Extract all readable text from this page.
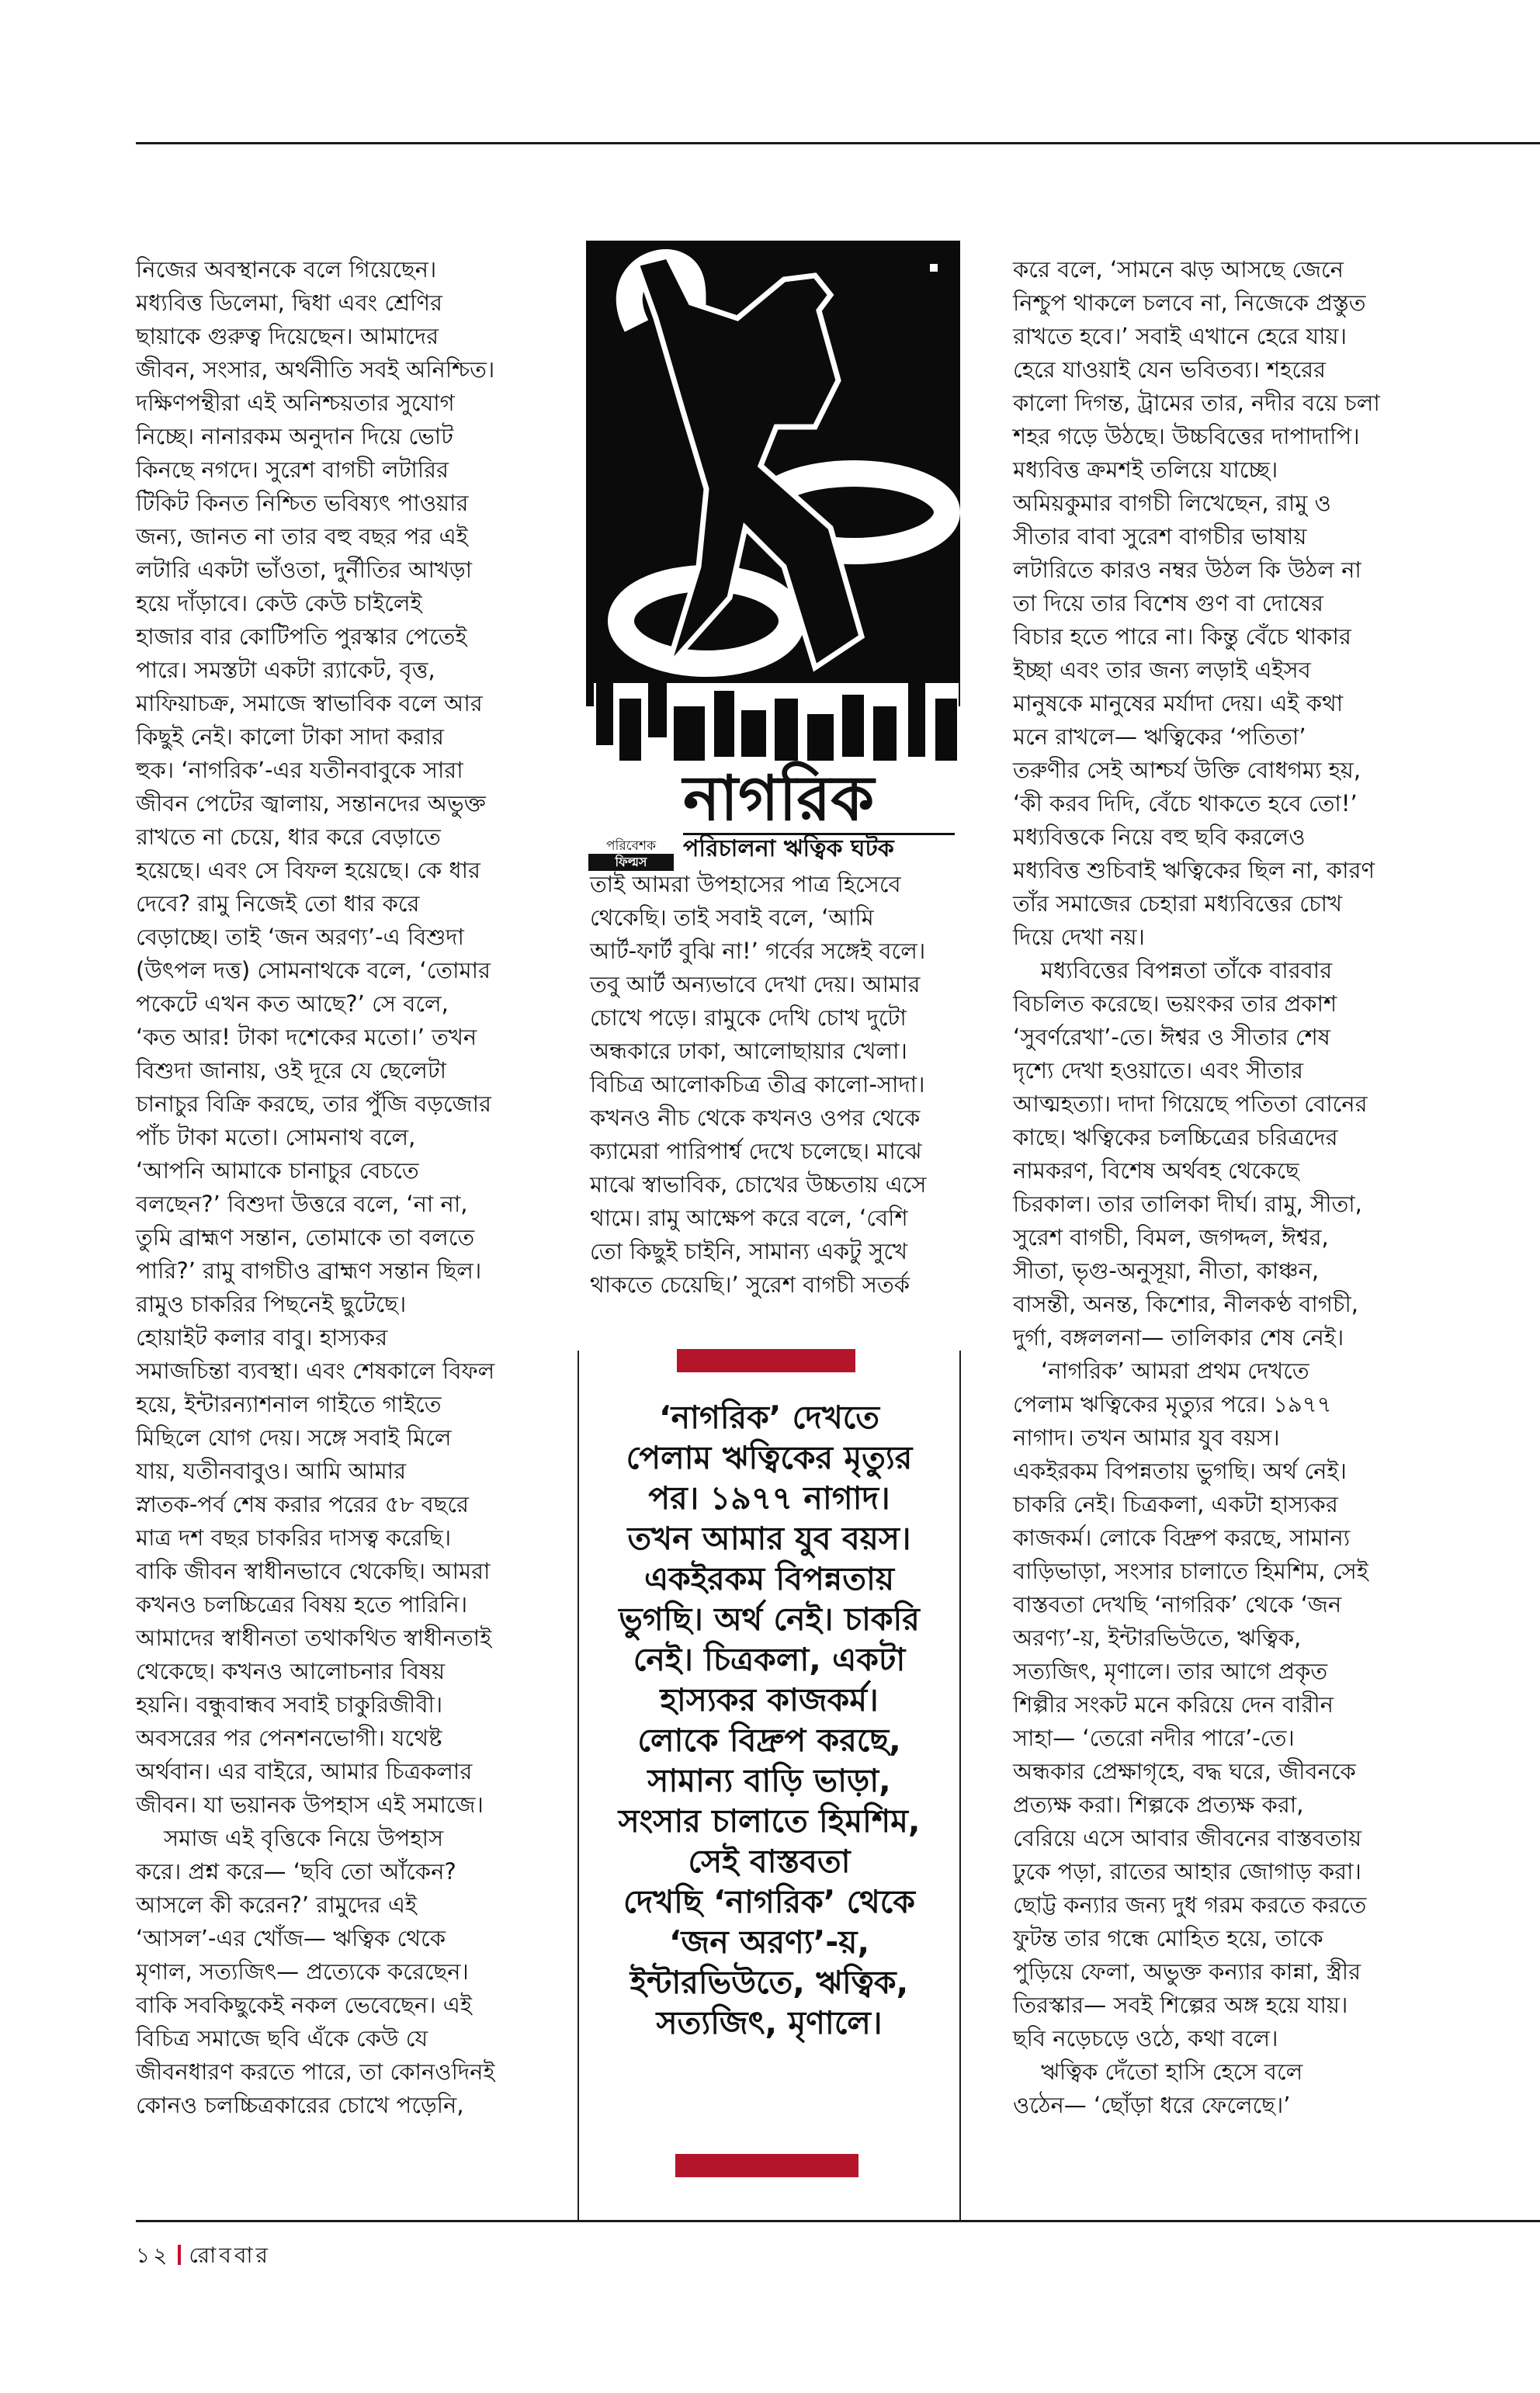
নিজের অবস্থানকে বলে গিয়েছেন।
মধ্যবিত্ত ডিলেমা, দ্বিধা এবং শ্রেণির
ছায়াকে গুরুত্ব দিয়েছেন। আমাদের
জীবন, সংসার, অর্থনীতি সবই অনিশ্চিত।
দক্ষিণপন্থীরা এই অনিশ্চয়তার সুযোগ
নিচ্ছে। নানারকম অনুদান দিয়ে ভোট
কিনছে নগদে। সুরেশ বাগচী লটারির
টিকিট কিনত নিশ্চিত ভবিষ্যৎ পাওয়ার
জন্য, জানত না তার বহু বছর পর এই
লটারি একটা ভাঁওতা, দুর্নীতির আখড়া
হয়ে দাঁড়াবে। কেউ কেউ চাইলেই
হাজার বার কোটিপতি পুরস্কার পেতেই
পারে। সমস্তটা একটা র‌্যাকেট, বৃত্ত,
মাফিয়াচক্র, সমাজে স্বাভাবিক বলে আর
কিছুই নেই। কালো টাকা সাদা করার
হুক। ‘নাগরিক’-এর যতীনবাবুকে সারা
জীবন পেটের জ্বালায়, সন্তানদের অভুক্ত
রাখতে না চেয়ে, ধার করে বেড়াতে
হয়েছে। এবং সে বিফল হয়েছে। কে ধার
দেবে? রামু নিজেই তো ধার করে
বেড়াচ্ছে। তাই ‘জন অরণ্য’-এ বিশুদা
(উৎপল দত্ত) সোমনাথকে বলে, ‘তোমার
পকেটে এখন কত আছে?’ সে বলে,
‘কত আর! টাকা দশেকের মতো।’ তখন
বিশুদা জানায়, ওই দূরে যে ছেলেটা
চানাচুর বিক্রি করছে, তার পুঁজি বড়জোর
পাঁচ টাকা মতো। সোমনাথ বলে,
‘আপনি আমাকে চানাচুর বেচতে
বলছেন?’ বিশুদা উত্তরে বলে, ‘না না,
তুমি ব্রাহ্মণ সন্তান, তোমাকে তা বলতে
পারি?’ রামু বাগচীও ব্রাহ্মণ সন্তান ছিল।
রামুও চাকরির পিছনেই ছুটেছে।
হোয়াইট কলার বাবু। হাস্যকর
সমাজচিন্তা ব্যবস্থা। এবং শেষকালে বিফল
হয়ে, ইন্টারন্যাশনাল গাইতে গাইতে
মিছিলে যোগ দেয়। সঙ্গে সবাই মিলে
যায়, যতীনবাবুও। আমি আমার
স্নাতক-পর্ব শেষ করার পরের ৫৮ বছরে
মাত্র দশ বছর চাকরির দাসত্ব করেছি।
বাকি জীবন স্বাধীনভাবে থেকেছি। আমরা
কখনও চলচ্চিত্রের বিষয় হতে পারিনি।
আমাদের স্বাধীনতা তথাকথিত স্বাধীনতাই
থেকেছে। কখনও আলোচনার বিষয়
হয়নি। বন্ধুবান্ধব সবাই চাকুরিজীবী।
অবসরের পর পেনশনভোগী। যথেষ্ট
অর্থবান। এর বাইরে, আমার চিত্রকলার
জীবন। যা ভয়ানক উপহাস এই সমাজে।
সমাজ এই বৃত্তিকে নিয়ে উপহাস
করে। প্রশ্ন করে— ‘ছবি তো আঁকেন?
আসলে কী করেন?’ রামুদের এই
‘আসল’-এর খোঁজ— ঋত্বিক থেকে
মৃণাল, সত্যজিৎ— প্রত্যেকে করেছেন।
বাকি সবকিছুকেই নকল ভেবেছেন। এই
বিচিত্র সমাজে ছবি এঁকে কেউ যে
জীবনধারণ করতে পারে, তা কোনওদিনই
কোনও চলচ্চিত্রকারের চোখে পড়েনি,
নাগরিক
পরিচালনা ঋত্বিক ঘটক
পরিবেশক
ফিল্মস
তাই আমরা উপহাসের পাত্র হিসেবে
থেকেছি। তাই সবাই বলে, ‘আমি
আর্ট-ফার্ট বুঝি না!’ গর্বের সঙ্গেই বলে।
তবু আর্ট অন্যভাবে দেখা দেয়। আমার
চোখে পড়ে। রামুকে দেখি চোখ দুটো
অন্ধকারে ঢাকা, আলোছায়ার খেলা।
বিচিত্র আলোকচিত্র তীব্র কালো-সাদা।
কখনও নীচ থেকে কখনও ওপর থেকে
ক্যামেরা পারিপার্শ্ব দেখে চলেছে। মাঝে
মাঝে স্বাভাবিক, চোখের উচ্চতায় এসে
থামে। রামু আক্ষেপ করে বলে, ‘বেশি
তো কিছুই চাইনি, সামান্য একটু সুখে
থাকতে চেয়েছি।’ সুরেশ বাগচী সতর্ক
‘নাগরিক’ দেখতে
পেলাম ঋত্বিকের মৃত্যুর
পর। ১৯৭৭ নাগাদ।
তখন আমার যুব বয়স।
একইরকম বিপন্নতায়
ভুগছি। অর্থ নেই। চাকরি
নেই। চিত্রকলা, একটা
হাস্যকর কাজকর্ম।
লোকে বিদ্রুপ করছে,
সামান্য বাড়ি ভাড়া,
সংসার চালাতে হিমশিম,
সেই বাস্তবতা
দেখছি ‘নাগরিক’ থেকে
‘জন অরণ্য’-য়,
ইন্টারভিউতে, ঋত্বিক,
সত্যজিৎ, মৃণালে।
করে বলে, ‘সামনে ঝড় আসছে জেনে
নিশ্চুপ থাকলে চলবে না, নিজেকে প্রস্তুত
রাখতে হবে।’ সবাই এখানে হেরে যায়।
হেরে যাওয়াই যেন ভবিতব্য। শহরের
কালো দিগন্ত, ট্রামের তার, নদীর বয়ে চলা
শহর গড়ে উঠছে। উচ্চবিত্তের দাপাদাপি।
মধ্যবিত্ত ক্রমশই তলিয়ে যাচ্ছে।
অমিয়কুমার বাগচী লিখেছেন, রামু ও
সীতার বাবা সুরেশ বাগচীর ভাষায়
লটারিতে কারও নম্বর উঠল কি উঠল না
তা দিয়ে তার বিশেষ গুণ বা দোষের
বিচার হতে পারে না। কিন্তু বেঁচে থাকার
ইচ্ছা এবং তার জন্য লড়াই এইসব
মানুষকে মানুষের মর্যাদা দেয়। এই কথা
মনে রাখলে— ঋত্বিকের ‘পতিতা’
তরুণীর সেই আশ্চর্য উক্তি বোধগম্য হয়,
‘কী করব দিদি, বেঁচে থাকতে হবে তো!’
মধ্যবিত্তকে নিয়ে বহু ছবি করলেও
মধ্যবিত্ত শুচিবাই ঋত্বিকের ছিল না, কারণ
তাঁর সমাজের চেহারা মধ্যবিত্তের চোখ
দিয়ে দেখা নয়।
মধ্যবিত্তের বিপন্নতা তাঁকে বারবার
বিচলিত করেছে। ভয়ংকর তার প্রকাশ
‘সুবর্ণরেখা’-তে। ঈশ্বর ও সীতার শেষ
দৃশ্যে দেখা হওয়াতে। এবং সীতার
আত্মহত্যা। দাদা গিয়েছে পতিতা বোনের
কাছে। ঋত্বিকের চলচ্চিত্রের চরিত্রদের
নামকরণ, বিশেষ অর্থবহ থেকেছে
চিরকাল। তার তালিকা দীর্ঘ। রামু, সীতা,
সুরেশ বাগচী, বিমল, জগদ্দল, ঈশ্বর,
সীতা, ভৃগু-অনুসূয়া, নীতা, কাঞ্চন,
বাসন্তী, অনন্ত, কিশোর, নীলকণ্ঠ বাগচী,
দুর্গা, বঙ্গললনা— তালিকার শেষ নেই।
‘নাগরিক’ আমরা প্রথম দেখতে
পেলাম ঋত্বিকের মৃত্যুর পরে। ১৯৭৭
নাগাদ। তখন আমার যুব বয়স।
একইরকম বিপন্নতায় ভুগছি। অর্থ নেই।
চাকরি নেই। চিত্রকলা, একটা হাস্যকর
কাজকর্ম। লোকে বিদ্রুপ করছে, সামান্য
বাড়িভাড়া, সংসার চালাতে হিমশিম, সেই
বাস্তবতা দেখছি ‘নাগরিক’ থেকে ‘জন
অরণ্য’-য়, ইন্টারভিউতে, ঋত্বিক,
সত্যজিৎ, মৃণালে। তার আগে প্রকৃত
শিল্পীর সংকট মনে করিয়ে দেন বারীন
সাহা— ‘তেরো নদীর পারে’-তে।
অন্ধকার প্রেক্ষাগৃহে, বদ্ধ ঘরে, জীবনকে
প্রত্যক্ষ করা। শিল্পকে প্রত্যক্ষ করা,
বেরিয়ে এসে আবার জীবনের বাস্তবতায়
ঢুকে পড়া, রাতের আহার জোগাড় করা।
ছোট্ট কন্যার জন্য দুধ গরম করতে করতে
ফুটন্ত তার গন্ধে মোহিত হয়ে, তাকে
পুড়িয়ে ফেলা, অভুক্ত কন্যার কান্না, স্ত্রীর
তিরস্কার— সবই শিল্পের অঙ্গ হয়ে যায়।
ছবি নড়েচড়ে ওঠে, কথা বলে।
ঋত্বিক দেঁতো হাসি হেসে বলে
ওঠেন— ‘ছোঁড়া ধরে ফেলেছে।’
১২ রোববার
